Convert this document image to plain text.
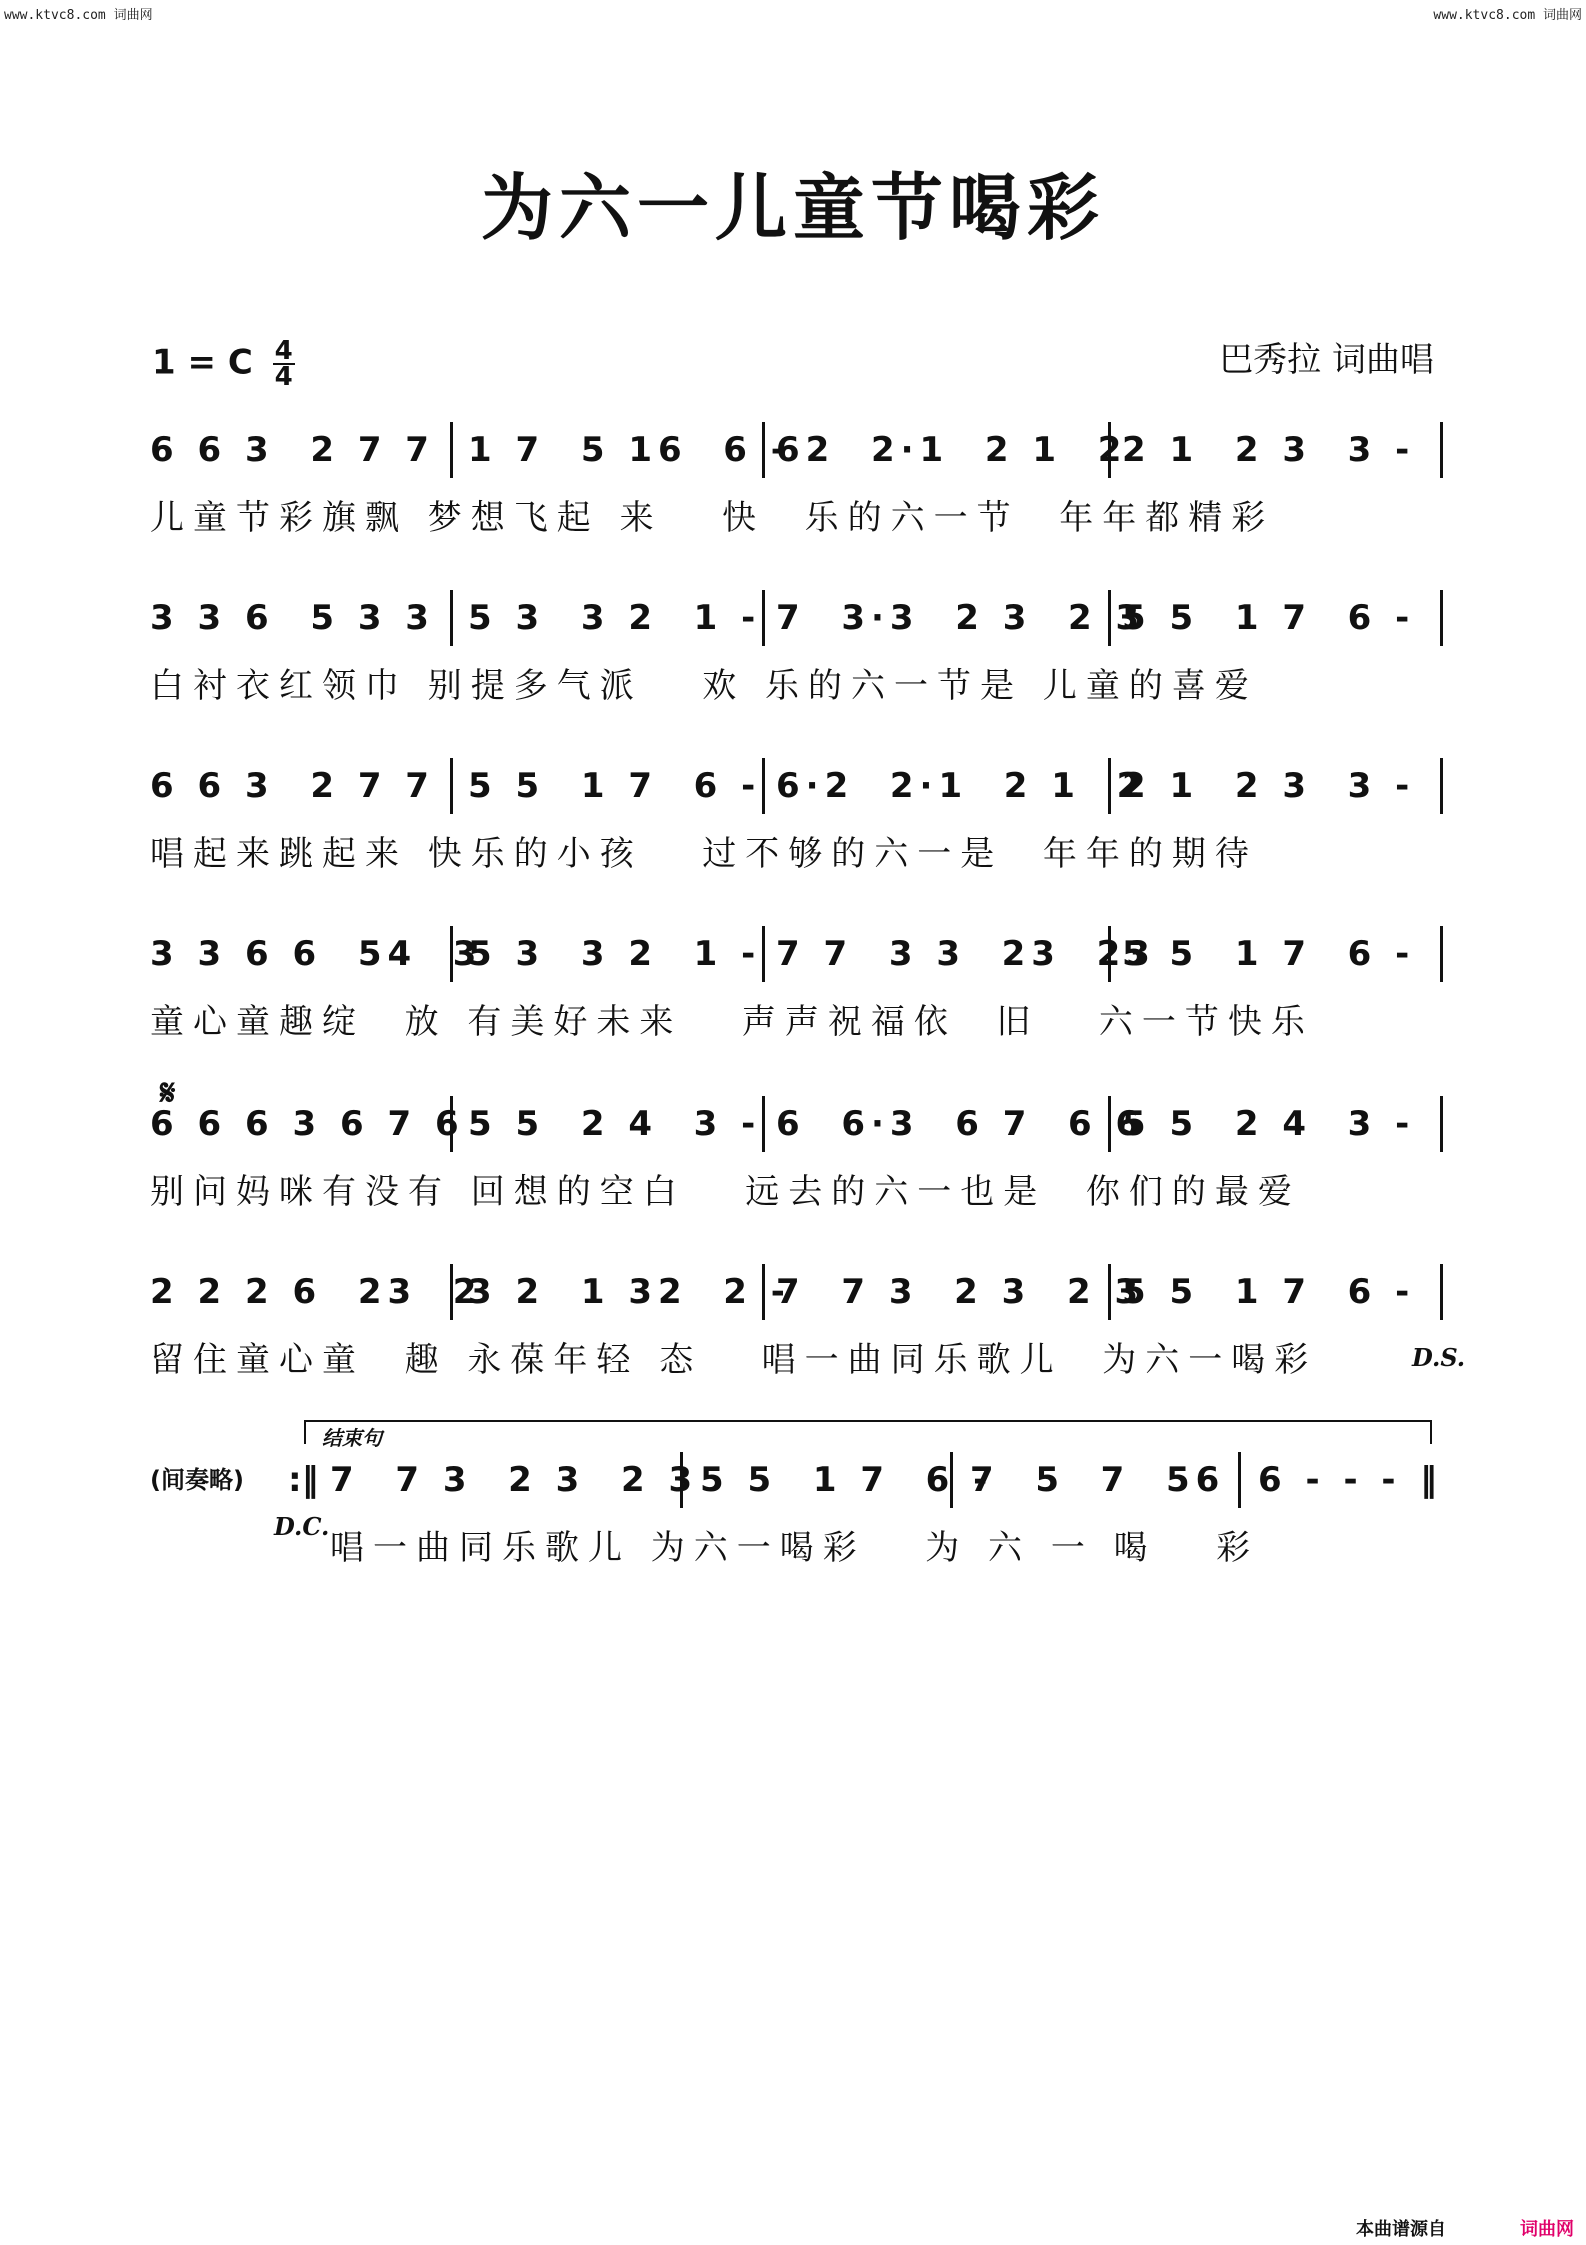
www.ktvc8.com 词曲网	www.ktvc8.com 词曲网
为六一儿童节喝彩
1 = C $\frac{4}{4}$	巴秀拉 词曲唱
6 6 3  2 7 7 1 7  5 16  6 -
62  2·1  2 1  2
2 1  2 3  3 -
儿童节彩旗飘 梦想飞起 来   快  乐的六一节  年年都精彩
3 3 6  5 3 3 5 3  3 2  1 - 7  3·3  2 3  2 3
5 5  1 7  6 -
白衬衣红领巾 别提多气派   欢 乐的六一节是 儿童的喜爱
6 6 3  2 7 7 5 5  1 7  6 - 6·2  2·1  2 1  2
2 1  2 3  3 -
唱起来跳起来 快乐的小孩   过不够的六一是  年年的期待
3 3 6 6  54  3
5 3  3 2  1 - 7 7  3 3  23  23
5 5  1 7  6 -
童心童趣绽  放 有美好未来   声声祝福依  旧   六一节快乐
6 6 6 3 6 7 6 5 5  2 4  3 - 6  6·3  6 7  6 6
5 5  2 4  3 -
别问妈咪有没有 回想的空白   远去的六一也是  你们的最爱
2 2 2 6  23  2
3 2  1 32  2 -
7  7 3  2 3  2 3
5 5  1 7  6 -
留住童心童  趣 永葆年轻 态   唱一曲同乐歌儿  为六一喝彩
7  7 3  2 3  2 3 5 5  1 7  6 -
7  5  7  56 6 - - -
唱一曲同乐歌儿 为六一喝彩   为 六 一 喝   彩
𝄋
D.S.
D.C.
(间奏略)
结束句
:‖	‖
本曲谱源自	词曲网
